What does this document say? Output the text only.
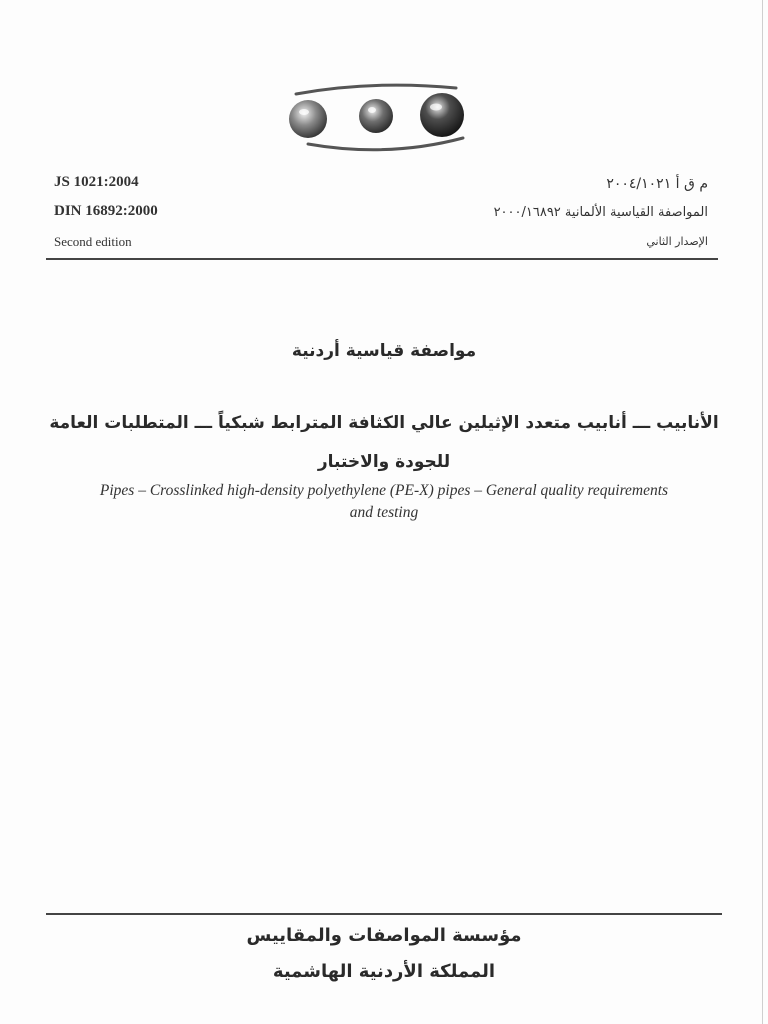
JS 1021:2004
DIN 16892:2000
Second edition
م ق أ ٢٠٠٤/١٠٢١
المواصفة القياسية الألمانية ٢٠٠٠/١٦٨٩٢
الإصدار الثاني
مواصفة قياسية أردنية
الأنابيب ـــ أنابيب متعدد الإثيلين عالي الكثافة المترابط شبكياً ـــ المتطلبات العامة
للجودة والاختبار
Pipes – Crosslinked high-density polyethylene (PE-X) pipes – General quality requirements
and testing
مؤسسة المواصفات والمقاييس
المملكة الأردنية الهاشمية
